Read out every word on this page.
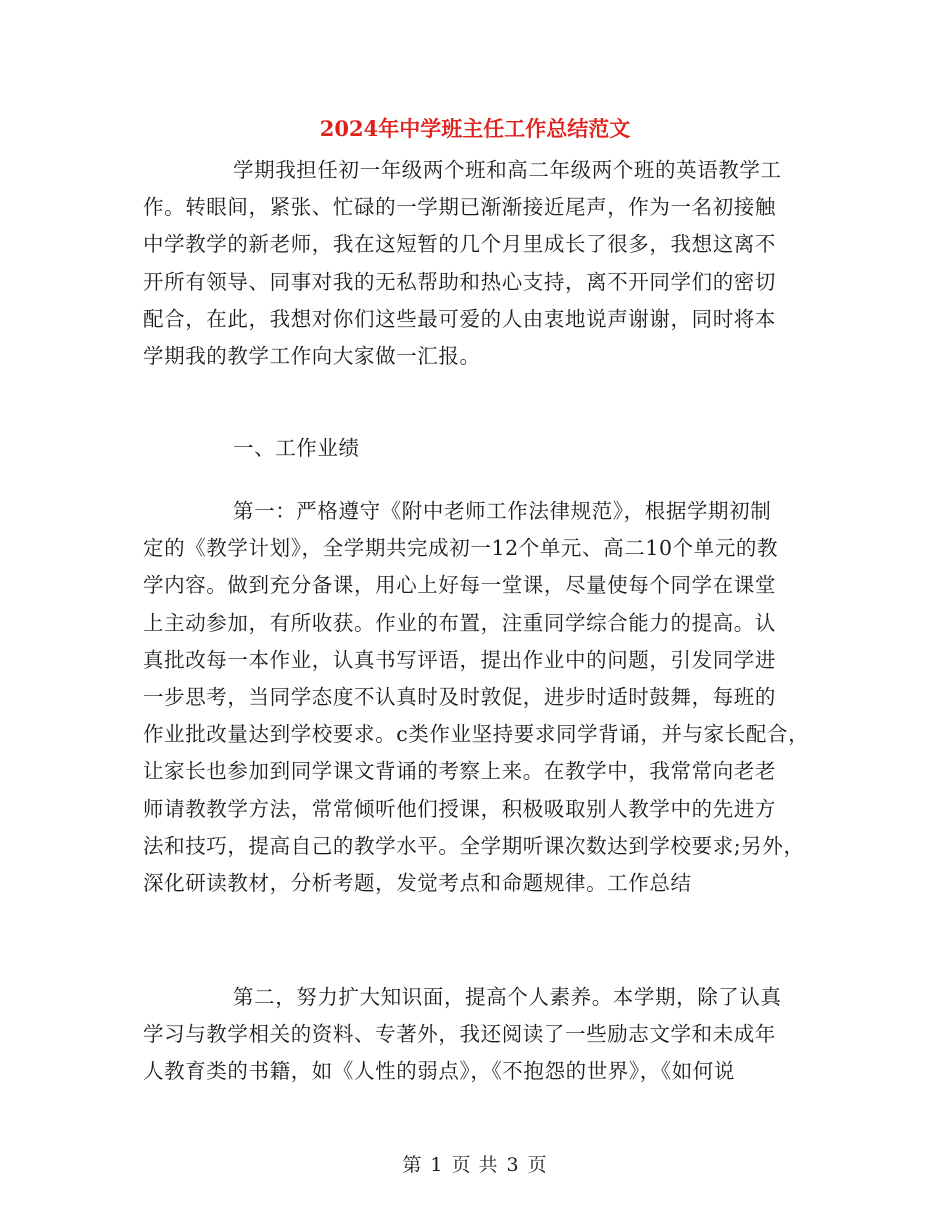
2024年中学班主任工作总结范文
学期我担任初一年级两个班和高二年级两个班的英语教学工
作。转眼间，紧张、忙碌的一学期已渐渐接近尾声，作为一名初接触
中学教学的新老师，我在这短暂的几个月里成长了很多，我想这离不
开所有领导、同事对我的无私帮助和热心支持，离不开同学们的密切
配合，在此，我想对你们这些最可爱的人由衷地说声谢谢，同时将本
学期我的教学工作向大家做一汇报。
一、工作业绩
第一：严格遵守《附中老师工作法律规范》，根据学期初制
定的《教学计划》，全学期共完成初一12个单元、高二10个单元的教
学内容。做到充分备课，用心上好每一堂课，尽量使每个同学在课堂
上主动参加，有所收获。作业的布置，注重同学综合能力的提高。认
真批改每一本作业，认真书写评语，提出作业中的问题，引发同学进
一步思考，当同学态度不认真时及时敦促，进步时适时鼓舞，每班的
作业批改量达到学校要求。c类作业坚持要求同学背诵，并与家长配合，
让家长也参加到同学课文背诵的考察上来。在教学中，我常常向老老
师请教教学方法，常常倾听他们授课，积极吸取别人教学中的先进方
法和技巧，提高自己的教学水平。全学期听课次数达到学校要求;另外，
深化研读教材，分析考题，发觉考点和命题规律。工作总结
第二，努力扩大知识面，提高个人素养。本学期，除了认真
学习与教学相关的资料、专著外，我还阅读了一些励志文学和未成年
人教育类的书籍，如《人性的弱点》，《不抱怨的世界》，《如何说
第 1 页 共 3 页
